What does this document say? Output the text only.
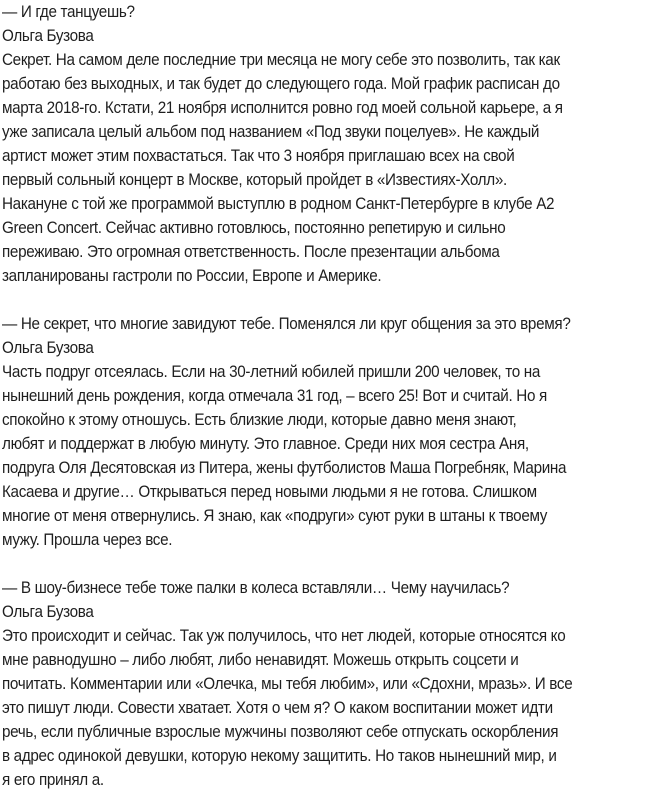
— И где танцуешь?
Ольга Бузова
Секрет. На самом деле последние три месяца не могу себе это позволить, так как
работаю без выходных, и так будет до следующего года. Мой график расписан до
марта 2018-го. Кстати, 21 ноября исполнится ровно год моей сольной карьере, а я
уже записала целый альбом под названием «Под звуки поцелуев». Не каждый
артист может этим похвастаться. Так что 3 ноября приглашаю всех на свой
первый сольный концерт в Москве, который пройдет в «Известиях-Холл».
Накануне с той же программой выступлю в родном Санкт-Петербурге в клубе A2
Green Concert. Сейчас активно готовлюсь, постоянно репетирую и сильно
переживаю. Это огромная ответственность. После презентации альбома
запланированы гастроли по России, Европе и Америке.
— Не секрет, что многие завидуют тебе. Поменялся ли круг общения за это время?
Ольга Бузова
Часть подруг отсеялась. Если на 30-летний юбилей пришли 200 человек, то на
нынешний день рождения, когда отмечала 31 год, – всего 25! Вот и считай. Но я
спокойно к этому отношусь. Есть близкие люди, которые давно меня знают,
любят и поддержат в любую минуту. Это главное. Среди них моя сестра Аня,
подруга Оля Десятовская из Питера, жены футболистов Маша Погребняк, Марина
Касаева и другие… Открываться перед новыми людьми я не готова. Слишком
многие от меня отвернулись. Я знаю, как «подруги» суют руки в штаны к твоему
мужу. Прошла через все.
— В шоу-бизнесе тебе тоже палки в колеса вставляли… Чему научилась?
Ольга Бузова
Это происходит и сейчас. Так уж получилось, что нет людей, которые относятся ко
мне равнодушно – либо любят, либо ненавидят. Можешь открыть соцсети и
почитать. Комментарии или «Олечка, мы тебя любим», или «Сдохни, мразь». И все
это пишут люди. Совести хватает. Хотя о чем я? О каком воспитании может идти
речь, если публичные взрослые мужчины позволяют себе отпускать оскорбления
в адрес одинокой девушки, которую некому защитить. Но таков нынешний мир, и
я его принял а.
